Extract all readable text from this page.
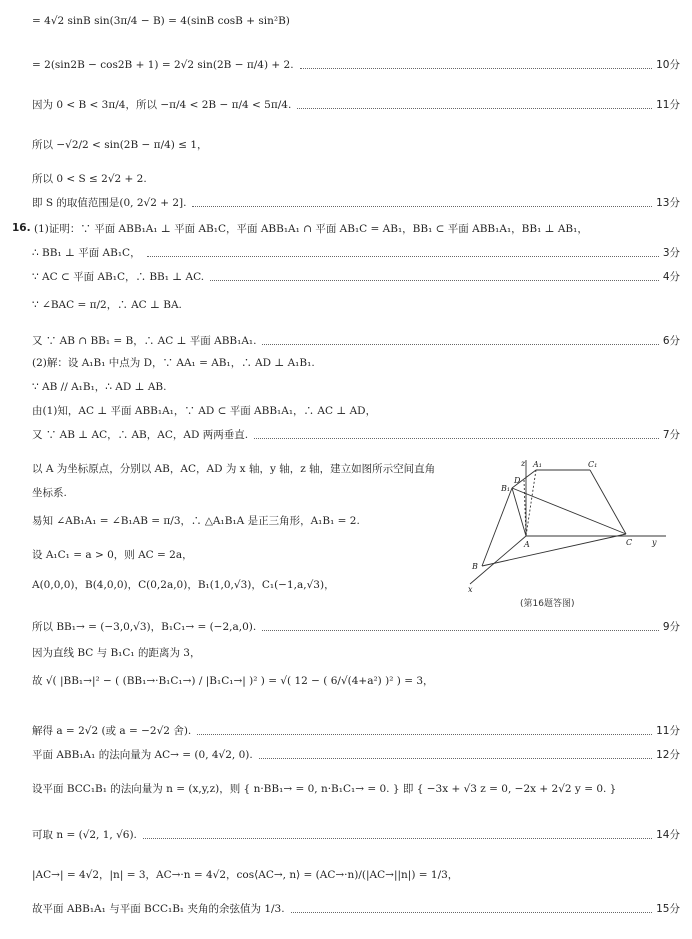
16.
= 4√2 sinB sin(3π/4 − B) = 4(sinB cosB + sin²B)
= 2(sin2B − cos2B + 1) = 2√2 sin(2B − π/4) + 2.	10分
因为 0 < B < 3π/4，所以 −π/4 < 2B − π/4 < 5π/4.	11分
所以 −√2/2 < sin(2B − π/4) ≤ 1，
所以 0 < S ≤ 2√2 + 2.
即 S 的取值范围是(0, 2√2 + 2].	13分
(1)证明：∵ 平面 ABB₁A₁ ⊥ 平面 AB₁C，平面 ABB₁A₁ ∩ 平面 AB₁C = AB₁，BB₁ ⊂ 平面 ABB₁A₁，BB₁ ⊥ AB₁，
∴ BB₁ ⊥ 平面 AB₁C，	3分
∵ AC ⊂ 平面 AB₁C，∴ BB₁ ⊥ AC.	4分
∵ ∠BAC = π/2，∴ AC ⊥ BA.
又 ∵ AB ∩ BB₁ = B，∴ AC ⊥ 平面 ABB₁A₁.	6分
(2)解：设 A₁B₁ 中点为 D，∵ AA₁ = AB₁，∴ AD ⊥ A₁B₁.
∵ AB // A₁B₁，∴ AD ⊥ AB.
由(1)知，AC ⊥ 平面 ABB₁A₁，∵ AD ⊂ 平面 ABB₁A₁，∴ AC ⊥ AD，
又 ∵ AB ⊥ AC，∴ AB，AC，AD 两两垂直.	7分
以 A 为坐标原点，分别以 AB，AC，AD 为 x 轴，y 轴，z 轴，建立如图所示空间直角
坐标系.
易知 ∠AB₁A₁ = ∠B₁AB = π/3，∴ △A₁B₁A 是正三角形，A₁B₁ = 2.
设 A₁C₁ = a > 0，则 AC = 2a，
A(0,0,0)，B(4,0,0)，C(0,2a,0)，B₁(1,0,√3)，C₁(−1,a,√3)，
所以 BB₁→ = (−3,0,√3)，B₁C₁→ = (−2,a,0).	9分
因为直线 BC 与 B₁C₁ 的距离为 3，
故 √( |BB₁→|² − ( (BB₁→·B₁C₁→) / |B₁C₁→| )² ) = √( 12 − ( 6/√(4+a²) )² ) = 3，
解得 a = 2√2 (或 a = −2√2 舍).	11分
平面 ABB₁A₁ 的法向量为 AC→ = (0, 4√2, 0).	12分
设平面 BCC₁B₁ 的法向量为 n = (x,y,z)，则 { n·BB₁→ = 0, n·B₁C₁→ = 0. } 即 { −3x + √3 z = 0, −2x + 2√2 y = 0. }
可取 n = (√2, 1, √6).	14分
|AC→| = 4√2，|n| = 3，AC→·n = 4√2，cos⟨AC→, n⟩ = (AC→·n)/(|AC→||n|) = 1/3，
故平面 ABB₁A₁ 与平面 BCC₁B₁ 夹角的余弦值为 1/3.	15分
z A₁	C₁
D
B₁
A	C y
B
x
(第16题答图)
